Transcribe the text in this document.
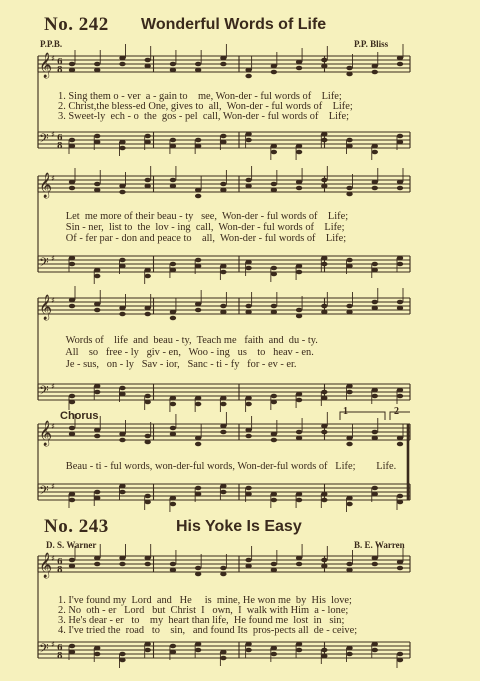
No. 242 Wonderful Words of Life
P.P.B.	P.P. Bliss
1. Sing them o - ver  a - gain to    me, Won-der - ful words of    Life;
2. Christ,the bless-ed One, gives to  all,  Won-der - ful words of    Life;
3. Sweet-ly  ech - o  the  gos - pel  call, Won-der - ful words of    Life;
Let  me more of their beau - ty   see,  Won-der - ful words of    Life;
Sin - ner,  list to  the  lov - ing  call,  Won-der - ful words of    Life;
Of - fer par - don and peace to    all,  Won-der - ful words of    Life;
Words of    life  and  beau - ty,  Teach me   faith  and  du - ty.
All    so   free - ly   giv - en,   Woo - ing   us    to   heav - en.
Je - sus,   on - ly   Sav - ior,   Sanc - ti - fy   for - ev - er.
Chorus	1	2
Beau - ti - ful words, won-der-ful words, Won-der-ful words of   Life;        Life.
No. 243	His Yoke Is Easy
D. S. Warner	B. E. Warren
1. I've found my  Lord  and   He     is  mine, He won me  by  His  love;
2. No  oth - er   Lord   but  Christ  I   own,  I  walk with Him  a - lone;
3. He's dear - er   to    my  heart than life,  He found me  lost  in   sin;
4. I've tried the  road   to    sin,   and found Its  pros-pects all  de - ceive;
𝄞 6
8
♯
𝄢 6
8
♯
𝄞
♯
𝄢 ♯
𝄞
♯
𝄢 ♯
𝄞
♯
𝄢 ♯
𝄞 6
8
♯
𝄢 6
8
♯
